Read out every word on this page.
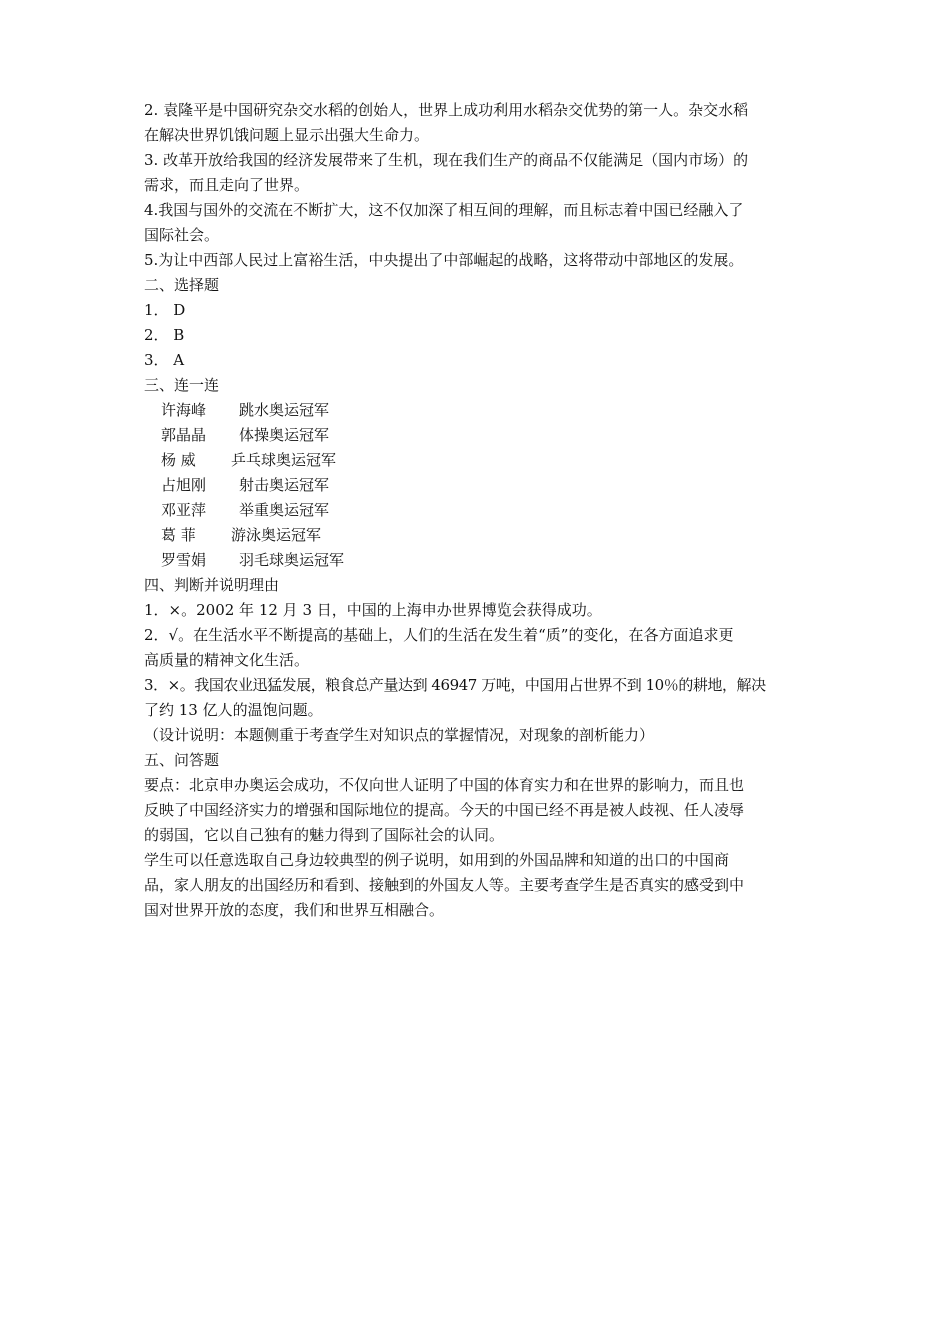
2. 袁隆平是中国研究杂交水稻的创始人，世界上成功利用水稻杂交优势的第一人。杂交水稻
在解决世界饥饿问题上显示出强大生命力。
3. 改革开放给我国的经济发展带来了生机，现在我们生产的商品不仅能满足（国内市场）的
需求，而且走向了世界。
4.我国与国外的交流在不断扩大，这不仅加深了相互间的理解，而且标志着中国已经融入了
国际社会。
5.为让中西部人民过上富裕生活，中央提出了中部崛起的战略，这将带动中部地区的发展。
二、选择题
1． D
2． B
3． A
三、连一连
许海峰 跳水奥运冠军
郭晶晶 体操奥运冠军
杨 威 乒乓球奥运冠军
占旭刚 射击奥运冠军
邓亚萍 举重奥运冠军
葛 菲 游泳奥运冠军
罗雪娟 羽毛球奥运冠军
四、判断并说明理由
1．×。2002 年 12 月 3 日，中国的上海申办世界博览会获得成功。
2．√。在生活水平不断提高的基础上，人们的生活在发生着“质”的变化，在各方面追求更
高质量的精神文化生活。
3．×。我国农业迅猛发展，粮食总产量达到 46947 万吨，中国用占世界不到 10％的耕地，解决
了约 13 亿人的温饱问题。
（设计说明：本题侧重于考查学生对知识点的掌握情况，对现象的剖析能力）
五、问答题
要点：北京申办奥运会成功，不仅向世人证明了中国的体育实力和在世界的影响力，而且也
反映了中国经济实力的增强和国际地位的提高。今天的中国已经不再是被人歧视、任人凌辱
的弱国，它以自己独有的魅力得到了国际社会的认同。
学生可以任意选取自己身边较典型的例子说明，如用到的外国品牌和知道的出口的中国商
品，家人朋友的出国经历和看到、接触到的外国友人等。主要考查学生是否真实的感受到中
国对世界开放的态度，我们和世界互相融合。
